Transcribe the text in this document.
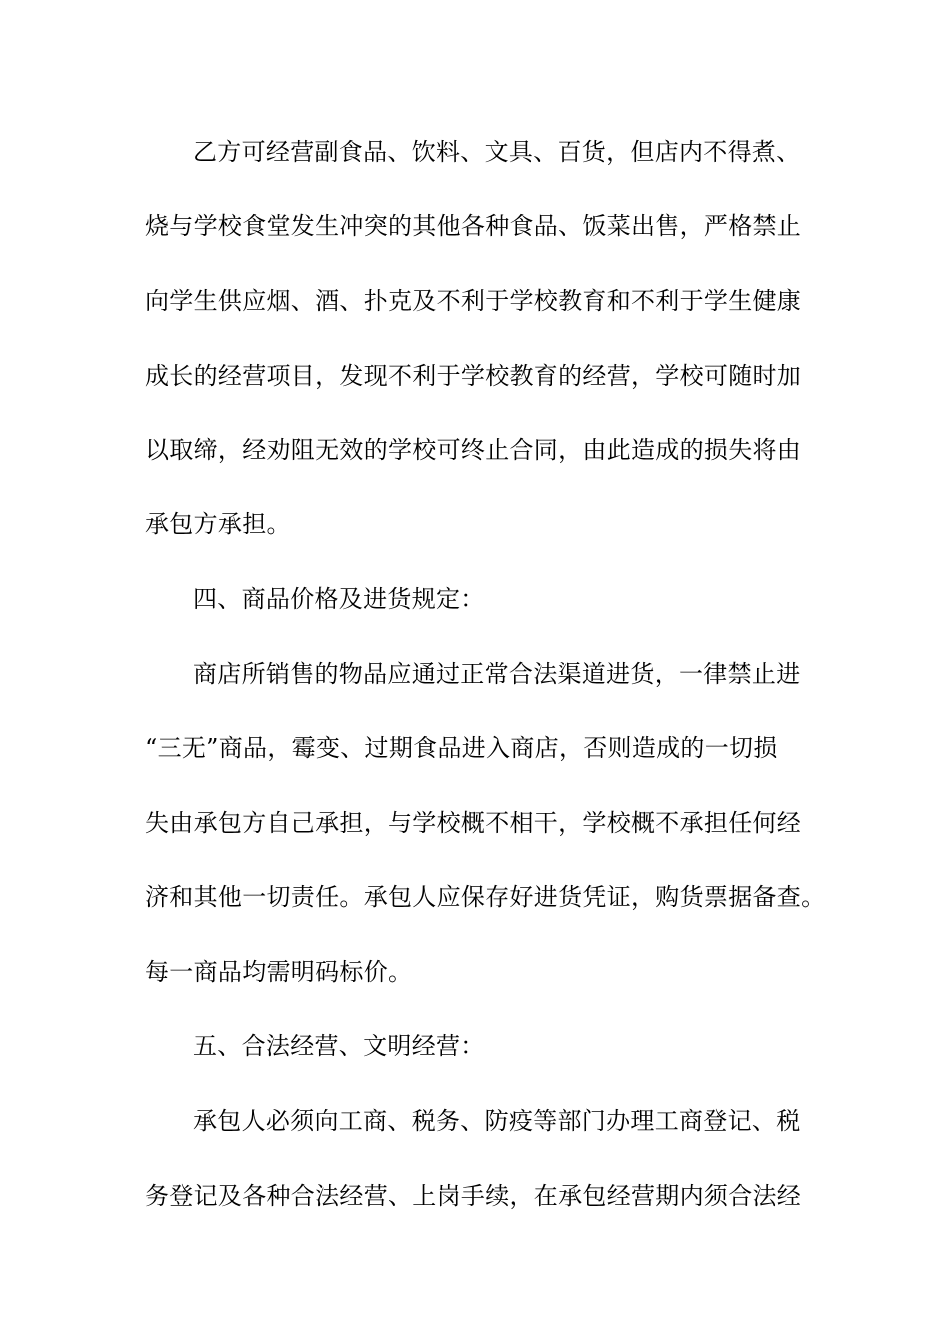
乙方可经营副食品、饮料、文具、百货，但店内不得煮、
烧与学校食堂发生冲突的其他各种食品、饭菜出售，严格禁止
向学生供应烟、酒、扑克及不利于学校教育和不利于学生健康
成长的经营项目，发现不利于学校教育的经营，学校可随时加
以取缔，经劝阻无效的学校可终止合同，由此造成的损失将由
承包方承担。
四、商品价格及进货规定：
商店所销售的物品应通过正常合法渠道进货，一律禁止进
“三无”商品，霉变、过期食品进入商店，否则造成的一切损
失由承包方自己承担，与学校概不相干，学校概不承担任何经
济和其他一切责任。承包人应保存好进货凭证，购货票据备查。
每一商品均需明码标价。
五、合法经营、文明经营：
承包人必须向工商、税务、防疫等部门办理工商登记、税
务登记及各种合法经营、上岗手续，在承包经营期内须合法经
